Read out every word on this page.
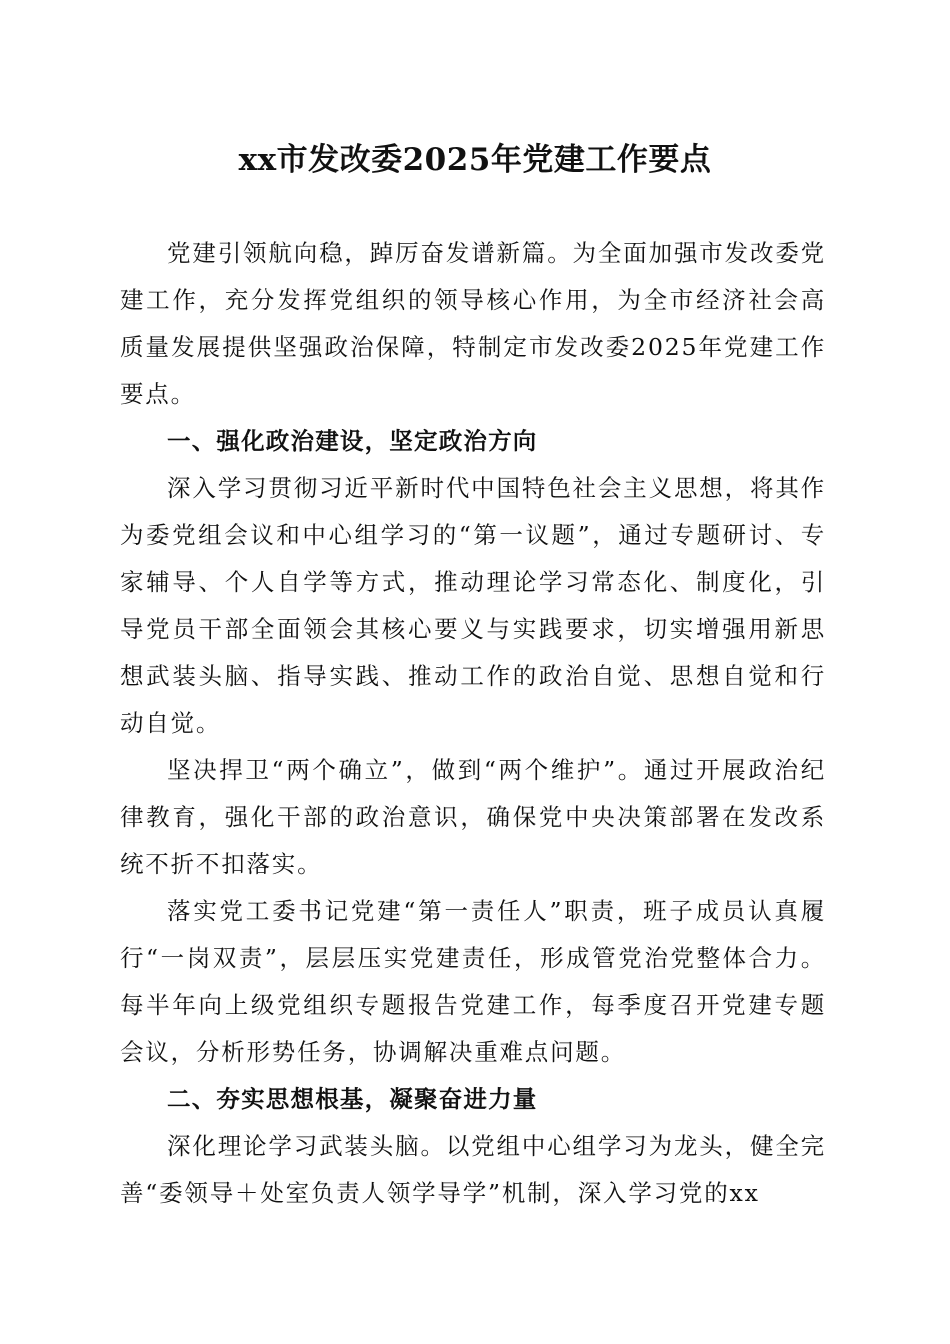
xx市发改委2025年党建工作要点

党建引领航向稳，踔厉奋发谱新篇。为全面加强市发改委党建工作，充分发挥党组织的领导核心作用，为全市经济社会高质量发展提供坚强政治保障，特制定市发改委2025年党建工作要点。

一、强化政治建设，坚定政治方向

深入学习贯彻习近平新时代中国特色社会主义思想，将其作为委党组会议和中心组学习的“第一议题”，通过专题研讨、专家辅导、个人自学等方式，推动理论学习常态化、制度化，引导党员干部全面领会其核心要义与实践要求，切实增强用新思想武装头脑、指导实践、推动工作的政治自觉、思想自觉和行动自觉。

坚决捍卫“两个确立”，做到“两个维护”。通过开展政治纪律教育，强化干部的政治意识，确保党中央决策部署在发改系统不折不扣落实。

落实党工委书记党建“第一责任人”职责，班子成员认真履行“一岗双责”，层层压实党建责任，形成管党治党整体合力。每半年向上级党组织专题报告党建工作，每季度召开党建专题会议，分析形势任务，协调解决重难点问题。

二、夯实思想根基，凝聚奋进力量

深化理论学习武装头脑。以党组中心组学习为龙头，健全完善“委领导＋处室负责人领学导学”机制，深入学习党的xx
